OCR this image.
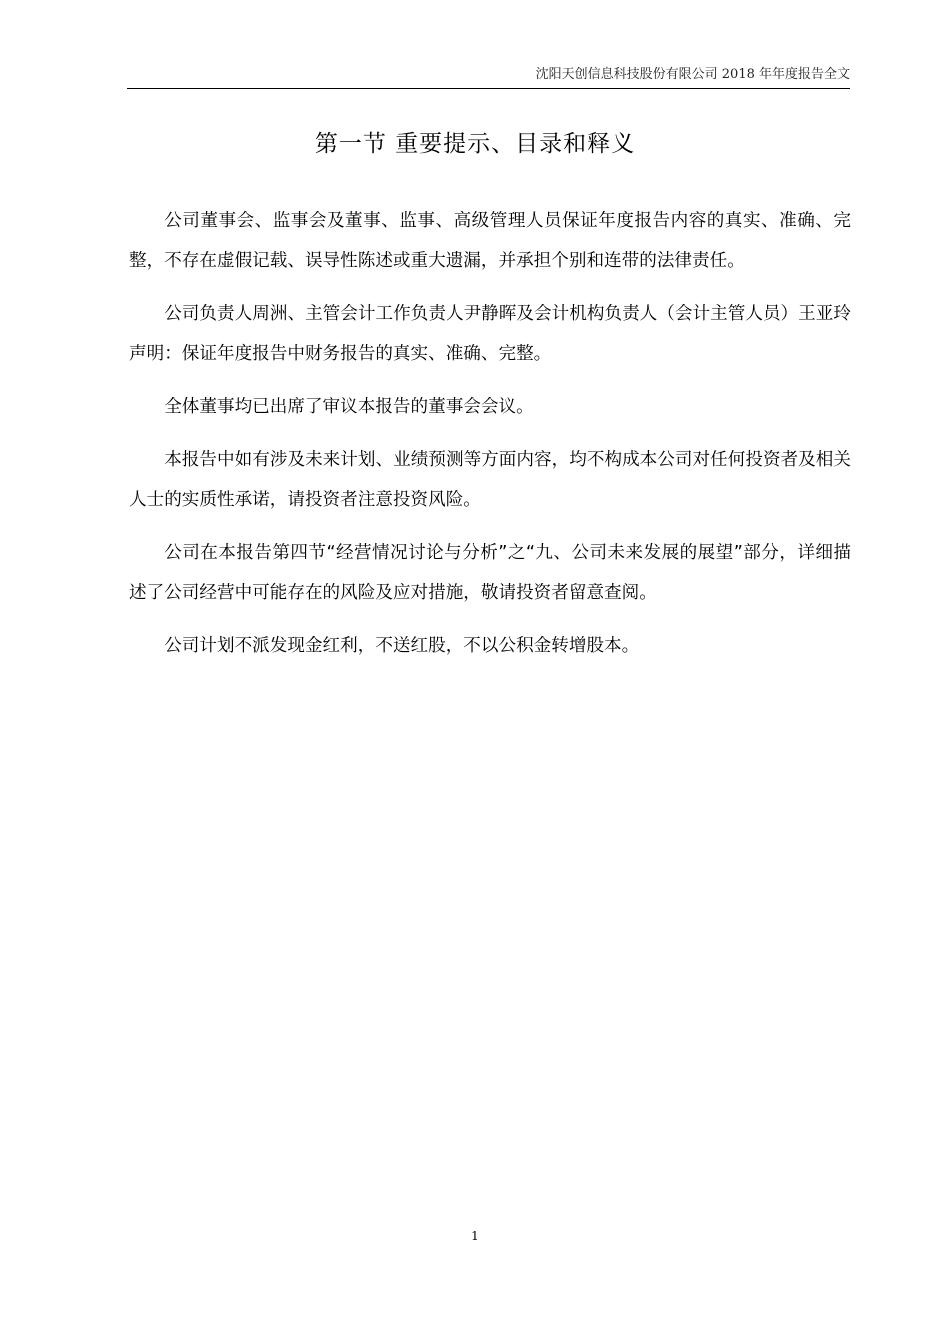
沈阳天创信息科技股份有限公司 2018 年年度报告全文
第一节 重要提示、目录和释义

公司董事会、监事会及董事、监事、高级管理人员保证年度报告内容的真实、准确、完整，不存在虚假记载、误导性陈述或重大遗漏，并承担个别和连带的法律责任。

公司负责人周洲、主管会计工作负责人尹静晖及会计机构负责人（会计主管人员）王亚玲声明：保证年度报告中财务报告的真实、准确、完整。

全体董事均已出席了审议本报告的董事会会议。

本报告中如有涉及未来计划、业绩预测等方面内容，均不构成本公司对任何投资者及相关人士的实质性承诺，请投资者注意投资风险。

公司在本报告第四节“经营情况讨论与分析”之“九、公司未来发展的展望”部分，详细描述了公司经营中可能存在的风险及应对措施，敬请投资者留意查阅。

公司计划不派发现金红利，不送红股，不以公积金转增股本。

1
